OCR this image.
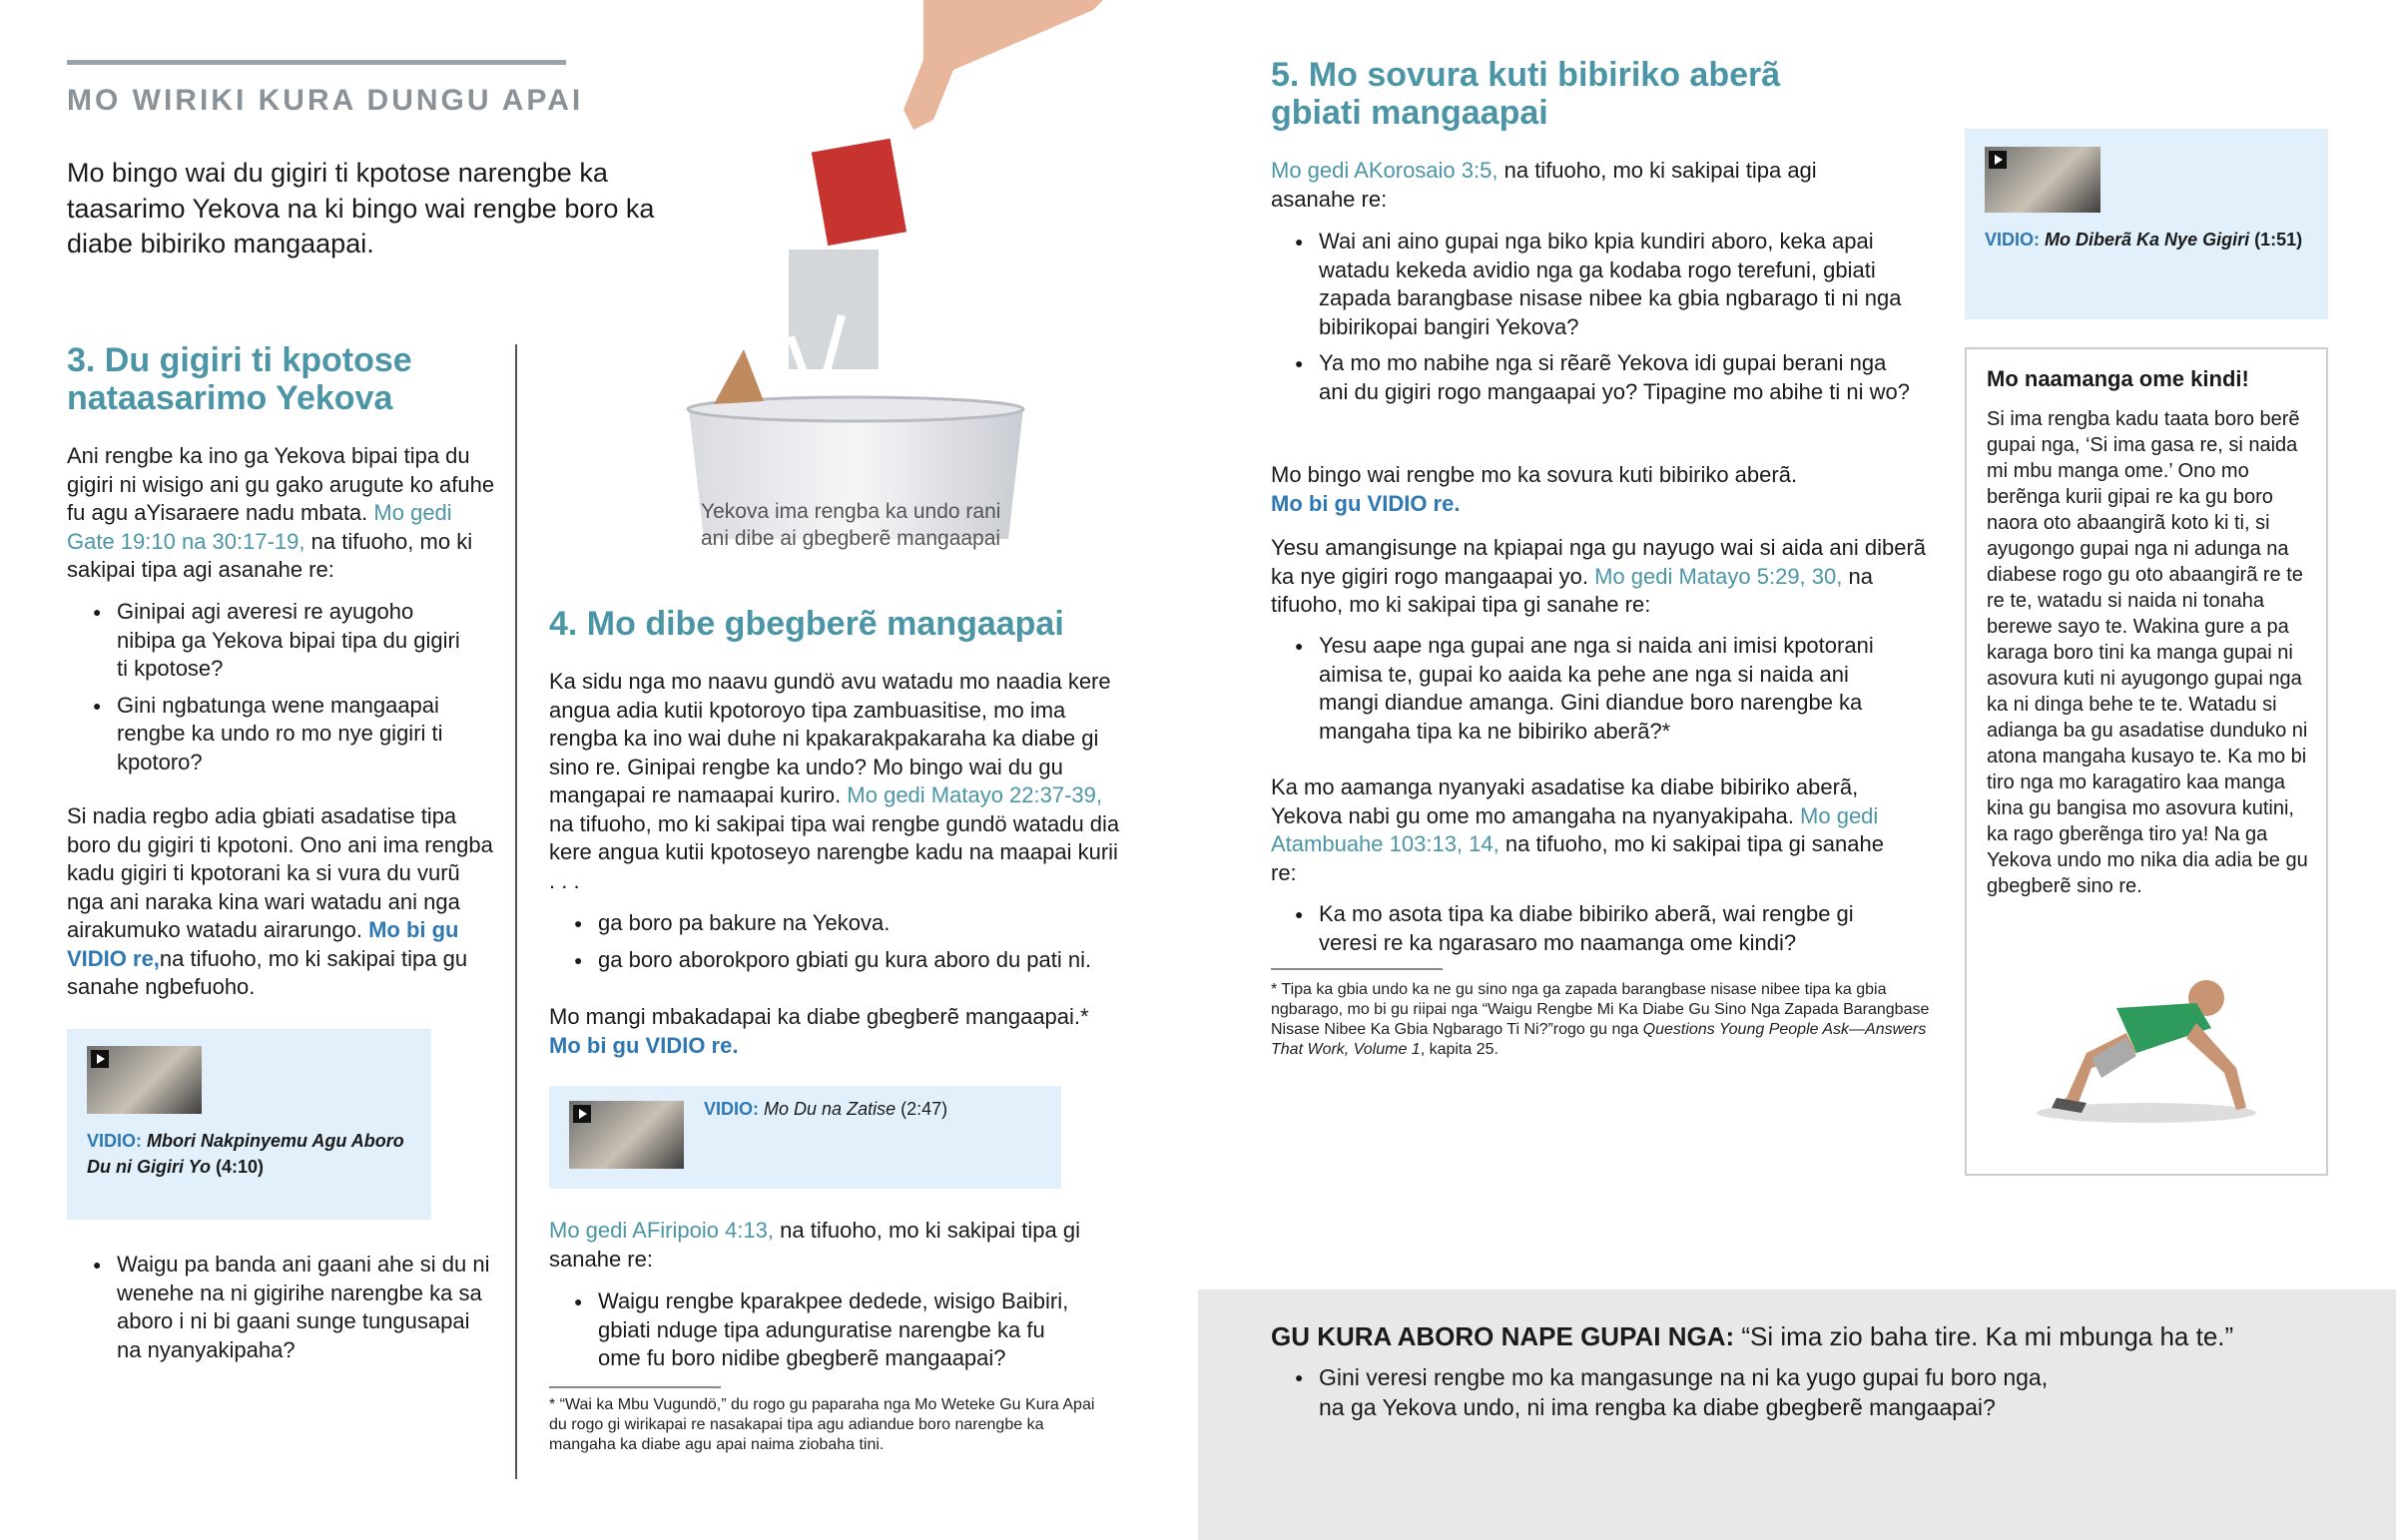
MO WIRIKI KURA DUNGU APAI

Mo bingo wai du gigiri ti kpotose narengbe ka taasarimo Yekova na ki bingo wai rengbe boro ka diabe bibiriko mangaapai.

3. Du gigiri ti kpotose nataasarimo Yekova

Ani rengbe ka ino ga Yekova bipai tipa du gigiri ni wisigo ani gu gako arugute ko afuhe fu agu aYisaraere nadu mbata. Mo gedi Gate 19:10 na 30:17-19, na tifuoho, mo ki sakipai tipa agi asanahe re:

● Ginipai agi averesi re ayugoho nibipa ga Yekova bipai tipa du gigiri ti kpotose?
● Gini ngbatunga wene mangaapai rengbe ka undo ro mo nye gigiri ti kpotoro?

Si nadia regbo adia gbiati asadatise tipa boro du gigiri ti kpotoni. Ono ani ima rengba kadu gigiri ti kpotorani ka si vura du vurũ nga ani naraka kina wari watadu ani nga airakumuko watadu airarungo. Mo bi gu VIDIO re,na tifuoho, mo ki sakipai tipa gu sanahe ngbefuoho.

VIDIO: Mbori Nakpinyemu Agu Aboro Du ni Gigiri Yo (4:10)
● Waigu pa banda ani gaani ahe si du ni wenehe na ni gigirihe narengbe ka sa aboro i ni bi gaani sunge tungusapai na nyanyakipaha?

Yekova ima rengba ka undo rani ani dibe ai gbegberẽ mangaapai

4. Mo dibe gbegberẽ mangaapai

Ka sidu nga mo naavu gundö avu watadu mo naadia kere angua adia kutii kpotoroyo tipa zambuasitise, mo ima rengba ka ino wai duhe ni kpakarakpakaraha ka diabe gi sino re. Ginipai rengbe ka undo? Mo bingo wai du gu mangapai re namaapai kuriro. Mo gedi Matayo 22:37-39, na tifuoho, mo ki sakipai tipa wai rengbe gundö watadu dia kere angua kutii kpotoseyo narengbe kadu na maapai kurii . . .

● ga boro pa bakure na Yekova.
● ga boro aborokporo gbiati gu kura aboro du pati ni.

Mo mangi mbakadapai ka diabe gbegberẽ mangaapai.*
Mo bi gu VIDIO re.

VIDIO: Mo Du na Zatise (2:47)

Mo gedi AFiripoio 4:13, na tifuoho, mo ki sakipai tipa gi sanahe re:

● Waigu rengbe kparakpee dedede, wisigo Baibiri, gbiati nduge tipa adunguratise narengbe ka fu ome fu boro nidibe gbegberẽ mangaapai?

* “Wai ka Mbu Vugundö,” du rogo gu paparaha nga Mo Weteke Gu Kura Apai du rogo gi wirikapai re nasakapai tipa agu adiandue boro narengbe ka mangaha ka diabe agu apai naima ziobaha tini.

5. Mo sovura kuti bibiriko aberã gbiati mangaapai

Mo gedi AKorosaio 3:5, na tifuoho, mo ki sakipai tipa agi asanahe re:

● Wai ani aino gupai nga biko kpia kundiri aboro, keka apai watadu kekeda avidio nga ga kodaba rogo terefuni, gbiati zapada barangbase nisase nibee ka gbia ngbarago ti ni nga bibirikopai bangiri Yekova?
● Ya mo mo nabihe nga si rẽarẽ Yekova idi gupai berani nga ani du gigiri rogo mangaapai yo? Tipagine mo abihe ti ni wo?

Mo bingo wai rengbe mo ka sovura kuti bibiriko aberã.
Mo bi gu VIDIO re.

Yesu amangisunge na kpiapai nga gu nayugo wai si aida ani diberã ka nye gigiri rogo mangaapai yo. Mo gedi Matayo 5:29, 30, na tifuoho, mo ki sakipai tipa gi sanahe re:

● Yesu aape nga gupai ane nga si naida ani imisi kpotorani aimisa te, gupai ko aaida ka pehe ane nga si naida ani mangi diandue amanga. Gini diandue boro narengbe ka mangaha tipa ka ne bibiriko aberã?*

Ka mo aamanga nyanyaki asadatise ka diabe bibiriko aberã, Yekova nabi gu ome mo amangaha na nyanyakipaha. Mo gedi Atambuahe 103:13, 14, na tifuoho, mo ki sakipai tipa gi sanahe re:

● Ka mo asota tipa ka diabe bibiriko aberã, wai rengbe gi veresi re ka ngarasaro mo naamanga ome kindi?

* Tipa ka gbia undo ka ne gu sino nga ga zapada barangbase nisase nibee tipa ka gbia ngbarago, mo bi gu riipai nga “Waigu Rengbe Mi Ka Diabe Gu Sino Nga Zapada Barangbase Nisase Nibee Ka Gbia Ngbarago Ti Ni?”rogo gu nga Questions Young People Ask—Answers That Work, Volume 1, kapita 25.

VIDIO: Mo Diberã Ka Nye Gigiri (1:51)
Mo naamanga ome kindi!

Si ima rengba kadu taata boro berẽ gupai nga, ‘Si ima gasa re, si naida mi mbu manga ome.’ Ono mo berẽnga kurii gipai re ka gu boro naora oto abaangirã koto ki ti, si ayugongo gupai nga ni adunga na diabese rogo gu oto abaangirã re te re te, watadu si naida ni tonaha berewe sayo te. Wakina gure a pa karaga boro tini ka manga gupai ni asovura kuti ni ayugongo gupai nga ka ni dinga behe te te. Watadu si adianga ba gu asadatise dunduko ni atona mangaha kusayo te. Ka mo bi tiro nga mo karagatiro kaa manga kina gu bangisa mo asovura kutini, ka rago gberẽnga tiro ya! Na ga Yekova undo mo nika dia adia be gu gbegberẽ sino re.

GU KURA ABORO NAPE GUPAI NGA: “Si ima zio baha tire. Ka mi mbunga ha te.”
● Gini veresi rengbe mo ka mangasunge na ni ka yugo gupai fu boro nga, na ga Yekova undo, ni ima rengba ka diabe gbegberẽ mangaapai?
